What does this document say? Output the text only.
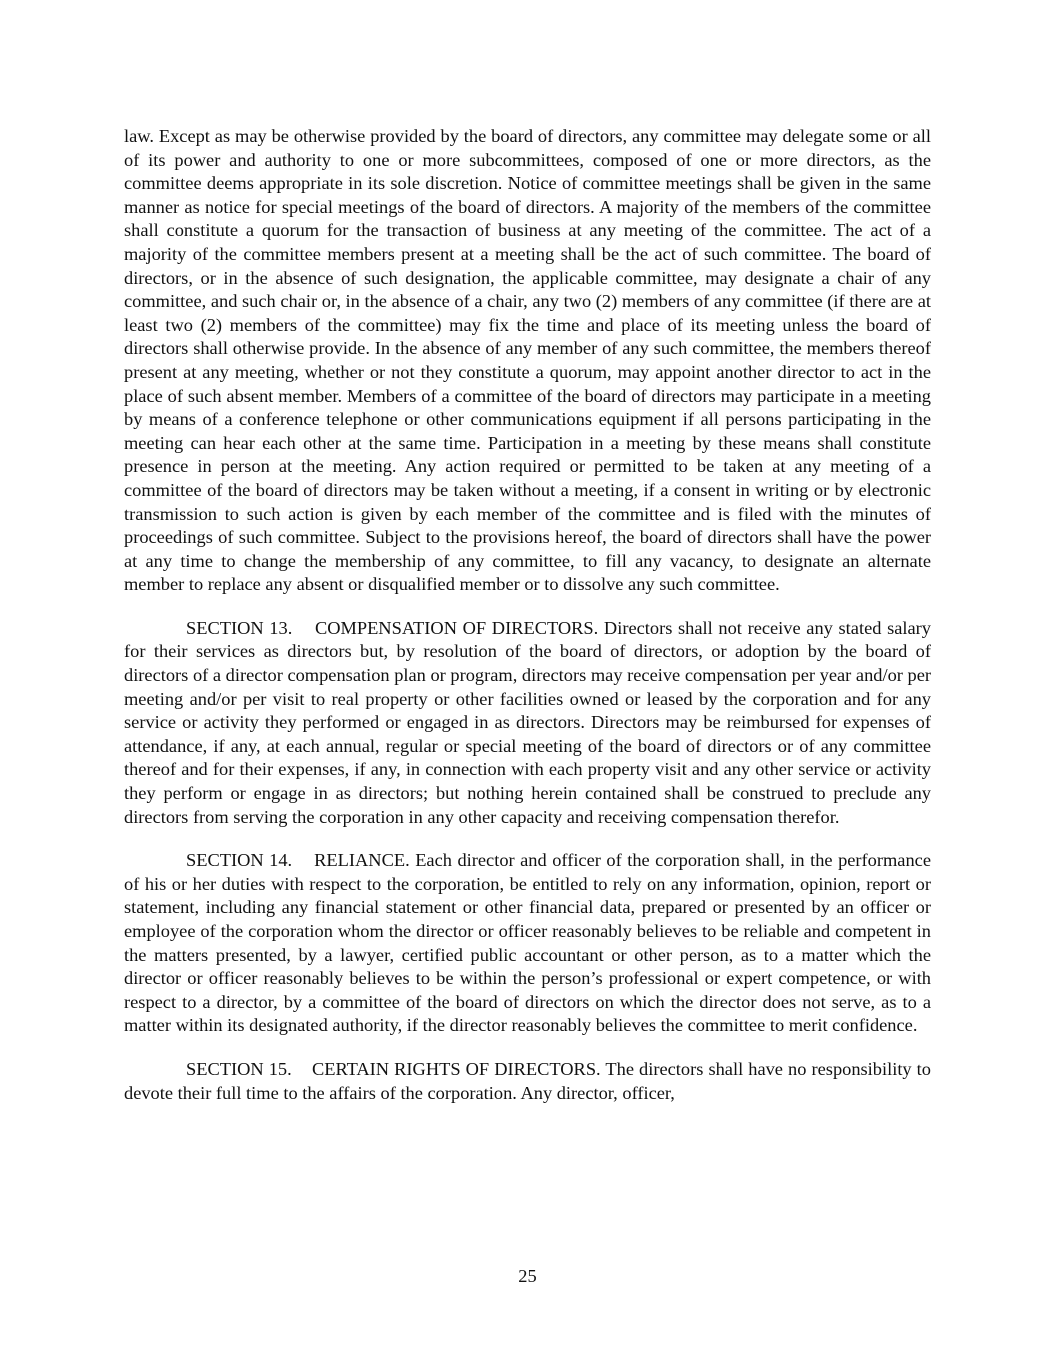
law. Except as may be otherwise provided by the board of directors, any committee may delegate some or all of its power and authority to one or more subcommittees, composed of one or more directors, as the committee deems appropriate in its sole discretion. Notice of committee meetings shall be given in the same manner as notice for special meetings of the board of directors. A majority of the members of the committee shall constitute a quorum for the transaction of business at any meeting of the committee. The act of a majority of the committee members present at a meeting shall be the act of such committee. The board of directors, or in the absence of such designation, the applicable committee, may designate a chair of any committee, and such chair or, in the absence of a chair, any two (2) members of any committee (if there are at least two (2) members of the committee) may fix the time and place of its meeting unless the board of directors shall otherwise provide. In the absence of any member of any such committee, the members thereof present at any meeting, whether or not they constitute a quorum, may appoint another director to act in the place of such absent member. Members of a committee of the board of directors may participate in a meeting by means of a conference telephone or other communications equipment if all persons participating in the meeting can hear each other at the same time. Participation in a meeting by these means shall constitute presence in person at the meeting. Any action required or permitted to be taken at any meeting of a committee of the board of directors may be taken without a meeting, if a consent in writing or by electronic transmission to such action is given by each member of the committee and is filed with the minutes of proceedings of such committee. Subject to the provisions hereof, the board of directors shall have the power at any time to change the membership of any committee, to fill any vacancy, to designate an alternate member to replace any absent or disqualified member or to dissolve any such committee.

SECTION 13.    COMPENSATION OF DIRECTORS. Directors shall not receive any stated salary for their services as directors but, by resolution of the board of directors, or adoption by the board of directors of a director compensation plan or program, directors may receive compensation per year and/or per meeting and/or per visit to real property or other facilities owned or leased by the corporation and for any service or activity they performed or engaged in as directors. Directors may be reimbursed for expenses of attendance, if any, at each annual, regular or special meeting of the board of directors or of any committee thereof and for their expenses, if any, in connection with each property visit and any other service or activity they perform or engage in as directors; but nothing herein contained shall be construed to preclude any directors from serving the corporation in any other capacity and receiving compensation therefor.

SECTION 14.    RELIANCE. Each director and officer of the corporation shall, in the performance of his or her duties with respect to the corporation, be entitled to rely on any information, opinion, report or statement, including any financial statement or other financial data, prepared or presented by an officer or employee of the corporation whom the director or officer reasonably believes to be reliable and competent in the matters presented, by a lawyer, certified public accountant or other person, as to a matter which the director or officer reasonably believes to be within the person’s professional or expert competence, or with respect to a director, by a committee of the board of directors on which the director does not serve, as to a matter within its designated authority, if the director reasonably believes the committee to merit confidence.

SECTION 15.    CERTAIN RIGHTS OF DIRECTORS. The directors shall have no responsibility to devote their full time to the affairs of the corporation. Any director, officer,

25
